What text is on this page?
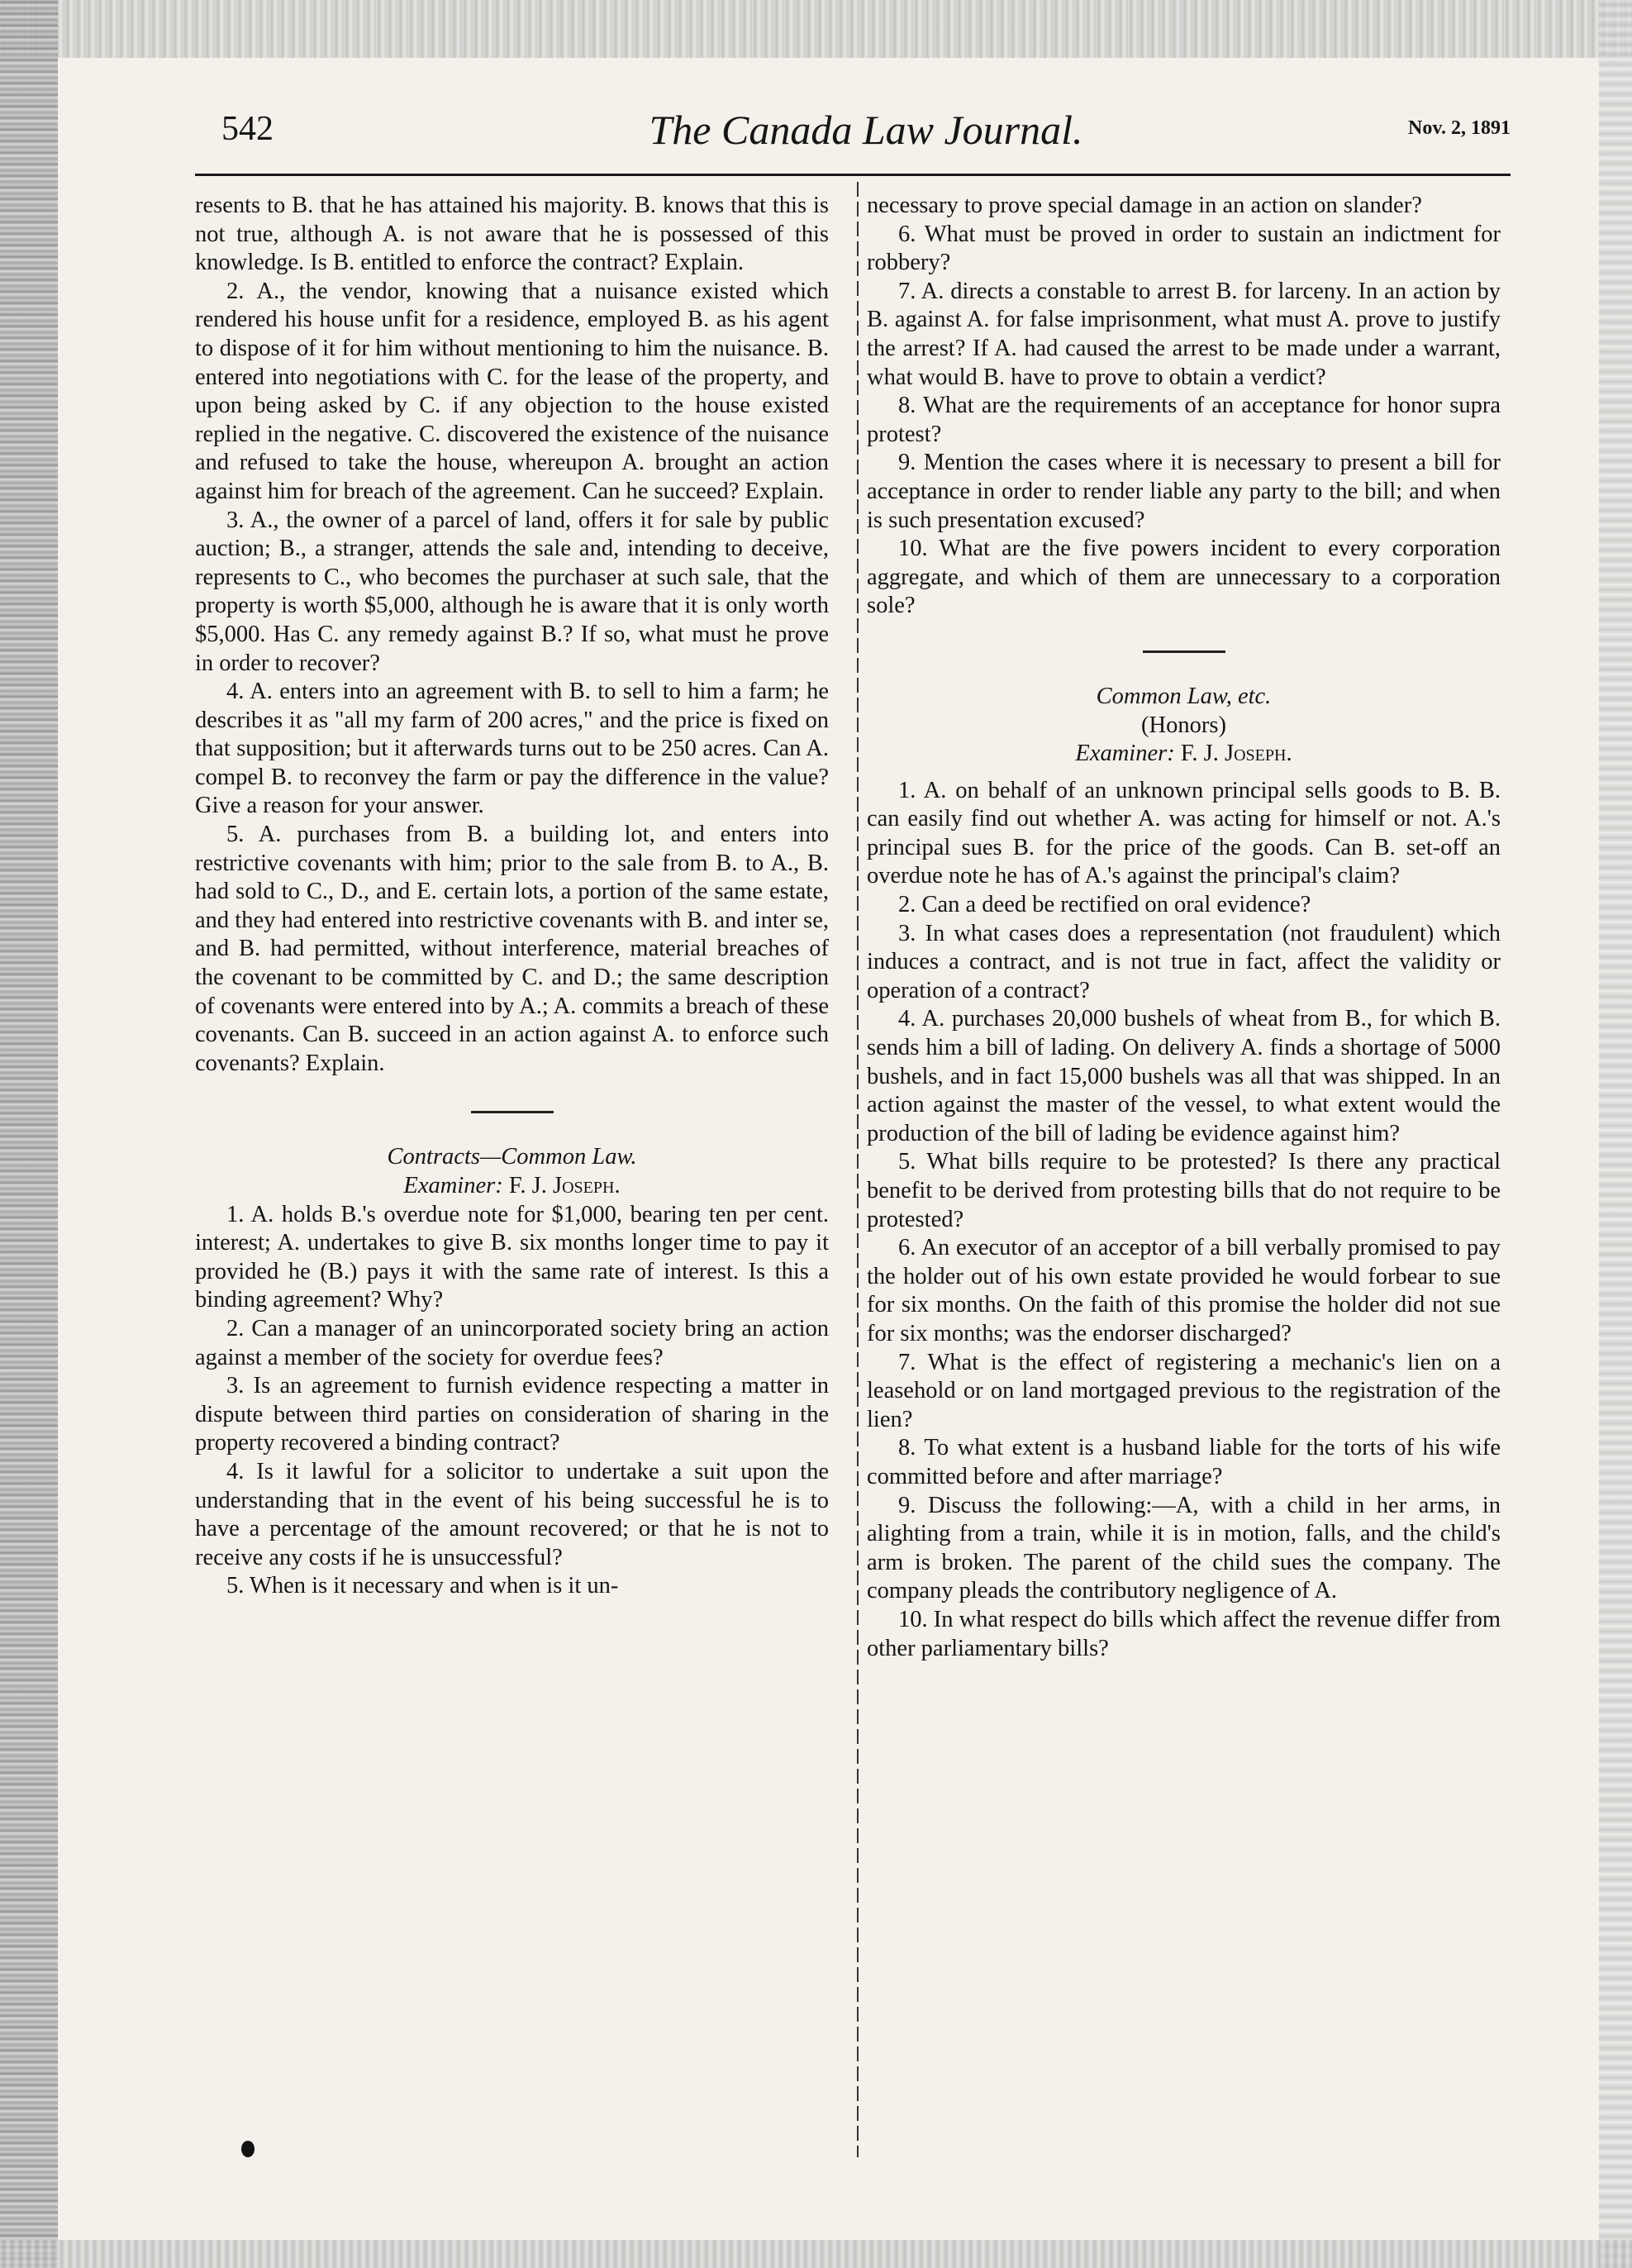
542	The Canada Law Journal.	Nov. 2, 1891

resents to B. that he has attained his majority. B. knows that this is not true, although A. is not aware that he is possessed of this knowledge. Is B. entitled to enforce the contract? Explain.

2. A., the vendor, knowing that a nuisance existed which rendered his house unfit for a residence, employed B. as his agent to dispose of it for him without mentioning to him the nuisance. B. entered into negotiations with C. for the lease of the property, and upon being asked by C. if any objection to the house existed replied in the negative. C. discovered the existence of the nuisance and refused to take the house, whereupon A. brought an action against him for breach of the agreement. Can he succeed? Explain.

3. A., the owner of a parcel of land, offers it for sale by public auction; B., a stranger, attends the sale and, intending to deceive, represents to C., who becomes the purchaser at such sale, that the property is worth $5,000, although he is aware that it is only worth $5,000. Has C. any remedy against B.? If so, what must he prove in order to recover?

4. A. enters into an agreement with B. to sell to him a farm; he describes it as "all my farm of 200 acres," and the price is fixed on that supposition; but it afterwards turns out to be 250 acres. Can A. compel B. to reconvey the farm or pay the difference in the value? Give a reason for your answer.

5. A. purchases from B. a building lot, and enters into restrictive covenants with him; prior to the sale from B. to A., B. had sold to C., D., and E. certain lots, a portion of the same estate, and they had entered into restrictive covenants with B. and inter se, and B. had permitted, without interference, material breaches of the covenant to be committed by C. and D.; the same description of covenants were entered into by A.; A. commits a breach of these covenants. Can B. succeed in an action against A. to enforce such covenants? Explain.

Contracts—Common Law.
Examiner: F. J. Joseph.

1. A. holds B.'s overdue note for $1,000, bearing ten per cent. interest; A. undertakes to give B. six months longer time to pay it provided he (B.) pays it with the same rate of interest. Is this a binding agreement? Why?

2. Can a manager of an unincorporated society bring an action against a member of the society for overdue fees?

3. Is an agreement to furnish evidence respecting a matter in dispute between third parties on consideration of sharing in the property recovered a binding contract?

4. Is it lawful for a solicitor to undertake a suit upon the understanding that in the event of his being successful he is to have a percentage of the amount recovered; or that he is not to receive any costs if he is unsuccessful?

5. When is it necessary and when is it un-

necessary to prove special damage in an action on slander?

6. What must be proved in order to sustain an indictment for robbery?

7. A. directs a constable to arrest B. for larceny. In an action by B. against A. for false imprisonment, what must A. prove to justify the arrest? If A. had caused the arrest to be made under a warrant, what would B. have to prove to obtain a verdict?

8. What are the requirements of an acceptance for honor supra protest?

9. Mention the cases where it is necessary to present a bill for acceptance in order to render liable any party to the bill; and when is such presentation excused?

10. What are the five powers incident to every corporation aggregate, and which of them are unnecessary to a corporation sole?

Common Law, etc.
(Honors)
Examiner: F. J. Joseph.

1. A. on behalf of an unknown principal sells goods to B. B. can easily find out whether A. was acting for himself or not. A.'s principal sues B. for the price of the goods. Can B. set-off an overdue note he has of A.'s against the principal's claim?

2. Can a deed be rectified on oral evidence?

3. In what cases does a representation (not fraudulent) which induces a contract, and is not true in fact, affect the validity or operation of a contract?

4. A. purchases 20,000 bushels of wheat from B., for which B. sends him a bill of lading. On delivery A. finds a shortage of 5000 bushels, and in fact 15,000 bushels was all that was shipped. In an action against the master of the vessel, to what extent would the production of the bill of lading be evidence against him?

5. What bills require to be protested? Is there any practical benefit to be derived from protesting bills that do not require to be protested?

6. An executor of an acceptor of a bill verbally promised to pay the holder out of his own estate provided he would forbear to sue for six months. On the faith of this promise the holder did not sue for six months; was the endorser discharged?

7. What is the effect of registering a mechanic's lien on a leasehold or on land mortgaged previous to the registration of the lien?

8. To what extent is a husband liable for the torts of his wife committed before and after marriage?

9. Discuss the following:—A, with a child in her arms, in alighting from a train, while it is in motion, falls, and the child's arm is broken. The parent of the child sues the company. The company pleads the contributory negligence of A.

10. In what respect do bills which affect the revenue differ from other parliamentary bills?
